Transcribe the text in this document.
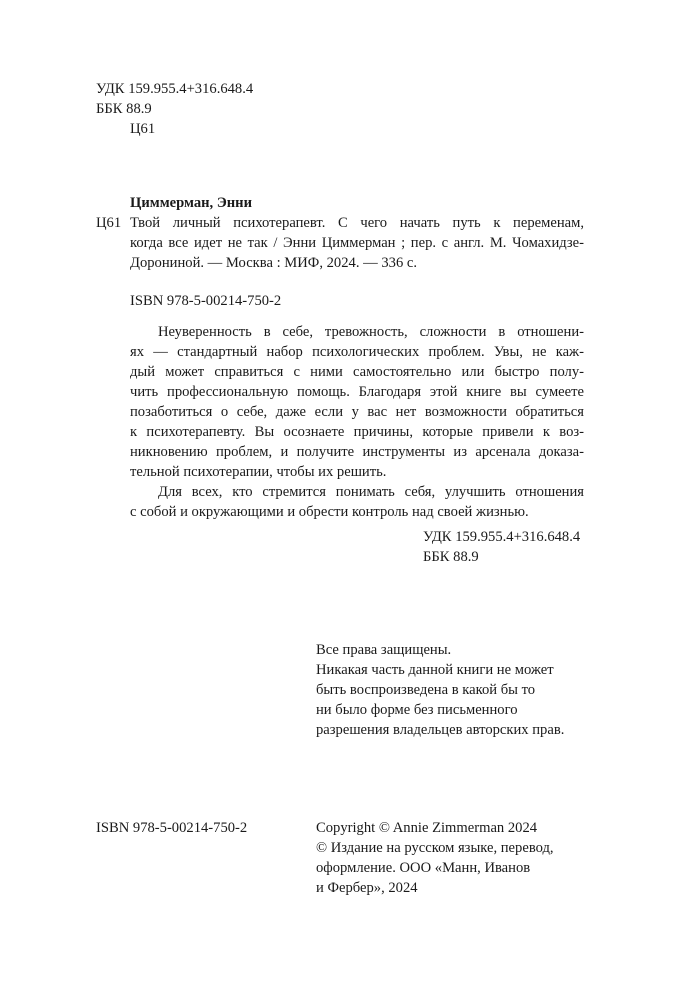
УДК 159.955.4+316.648.4
ББК 88.9
Ц61
Циммерман, Энни
Ц61 Твой личный психотерапевт. С чего начать путь к переменам,
когда все идет не так / Энни Циммерман ; пер. с англ. М. Чомахидзе-
Дорониной. — Москва : МИФ, 2024. — 336 с.
ISBN 978-5-00214-750-2
Неуверенность в себе, тревожность, сложности в отношени-
ях — стандартный набор психологических проблем. Увы, не каж-
дый может справиться с ними самостоятельно или быстро полу-
чить профессиональную помощь. Благодаря этой книге вы сумеете
позаботиться о себе, даже если у вас нет возможности обратиться
к психотерапевту. Вы осознаете причины, которые привели к воз-
никновению проблем, и получите инструменты из арсенала доказа-
тельной психотерапии, чтобы их решить.
Для всех, кто стремится понимать себя, улучшить отношения
с собой и окружающими и обрести контроль над своей жизнью.
УДК 159.955.4+316.648.4
ББК 88.9
Все права защищены.
Никакая часть данной книги не может
быть воспроизведена в какой бы то
ни было форме без письменного
разрешения владельцев авторских прав.
ISBN 978-5-00214-750-2	Copyright © Annie Zimmerman 2024
© Издание на русском языке, перевод,
оформление. ООО «Манн, Иванов
и Фербер», 2024
